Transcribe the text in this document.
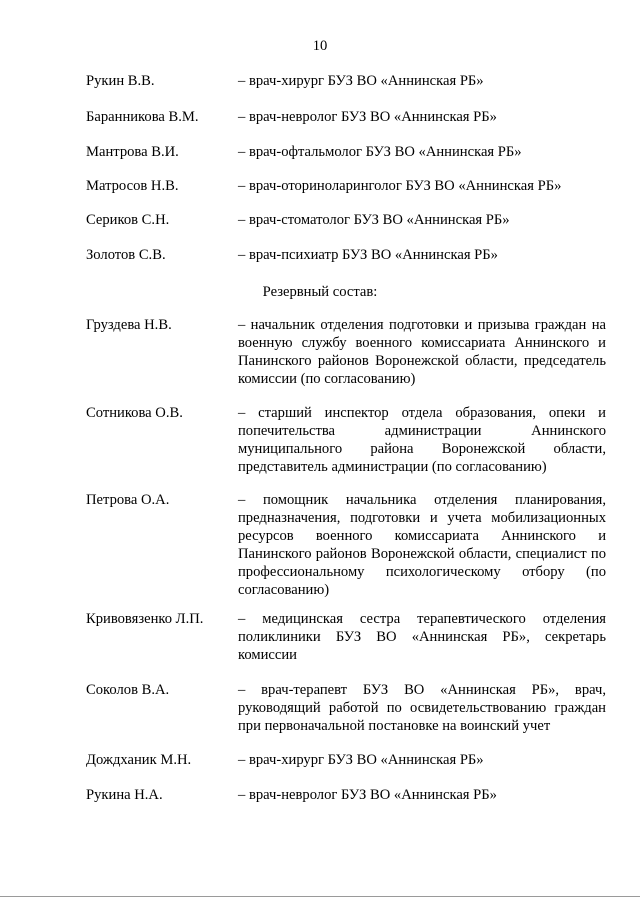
10
Рукин В.В.	– врач-хирург БУЗ ВО «Аннинская РБ»
Баранникова В.М.	– врач-невролог БУЗ ВО «Аннинская РБ»
Мантрова В.И.	– врач-офтальмолог БУЗ ВО «Аннинская РБ»
Матросов Н.В.	– врач-оториноларинголог БУЗ ВО «Аннинская РБ»
Сериков С.Н.	– врач-стоматолог БУЗ ВО «Аннинская РБ»
Золотов С.В.	– врач-психиатр БУЗ ВО «Аннинская РБ»
Резервный состав:
Груздева Н.В.	– начальник отделения подготовки и призыва граждан на военную службу военного комиссариата Аннинского и Панинского районов Воронежской области, председатель комиссии (по согласованию)
Сотникова О.В.	– старший инспектор отдела образования, опеки и попечительства администрации Аннинского муниципального района Воронежской области, представитель администрации (по согласованию)
Петрова О.А.	– помощник начальника отделения планирования, предназначения, подготовки и учета мобилизационных ресурсов военного комиссариата Аннинского и Панинского районов Воронежской области, специалист по профессиональному психологическому отбору (по согласованию)
Кривовязенко Л.П.	– медицинская сестра терапевтического отделения поликлиники БУЗ ВО «Аннинская РБ», секретарь комиссии
Соколов В.А.	– врач-терапевт БУЗ ВО «Аннинская РБ», врач, руководящий работой по освидетельствованию граждан при первоначальной постановке на воинский учет
Дождханик М.Н.	– врач-хирург БУЗ ВО «Аннинская РБ»
Рукина Н.А.	– врач-невролог БУЗ ВО «Аннинская РБ»
